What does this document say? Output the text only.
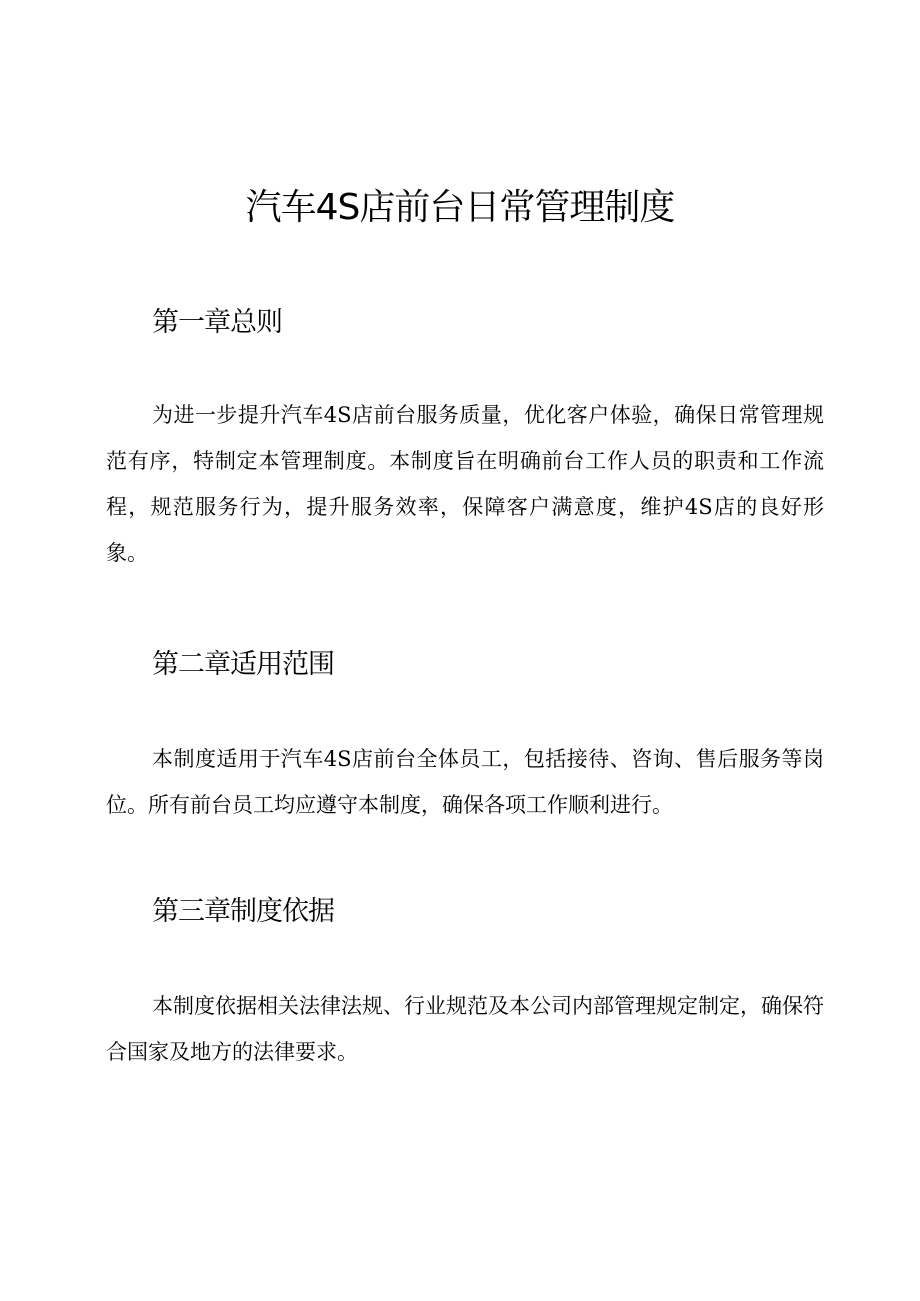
汽车4S店前台日常管理制度
第一章总则

为进一步提升汽车4S店前台服务质量，优化客户体验，确保日常管理规范有序，特制定本管理制度。本制度旨在明确前台工作人员的职责和工作流程，规范服务行为，提升服务效率，保障客户满意度，维护4S店的良好形象。

第二章适用范围

本制度适用于汽车4S店前台全体员工，包括接待、咨询、售后服务等岗位。所有前台员工均应遵守本制度，确保各项工作顺利进行。

第三章制度依据

本制度依据相关法律法规、行业规范及本公司内部管理规定制定，确保符合国家及地方的法律要求。
